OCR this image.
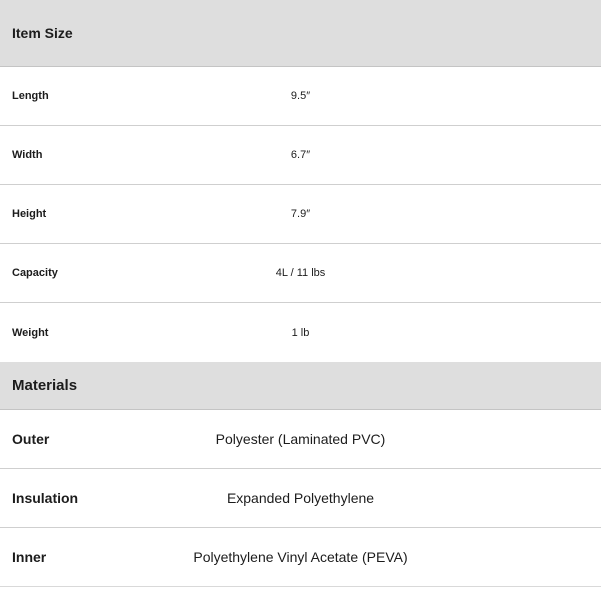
Item Size
Length	9.5″
Width	6.7″
Height	7.9″
Capacity	4L / 11 lbs
Weight	1 lb
Materials
Outer	Polyester (Laminated PVC)
Insulation	Expanded Polyethylene
Inner	Polyethylene Vinyl Acetate (PEVA)
